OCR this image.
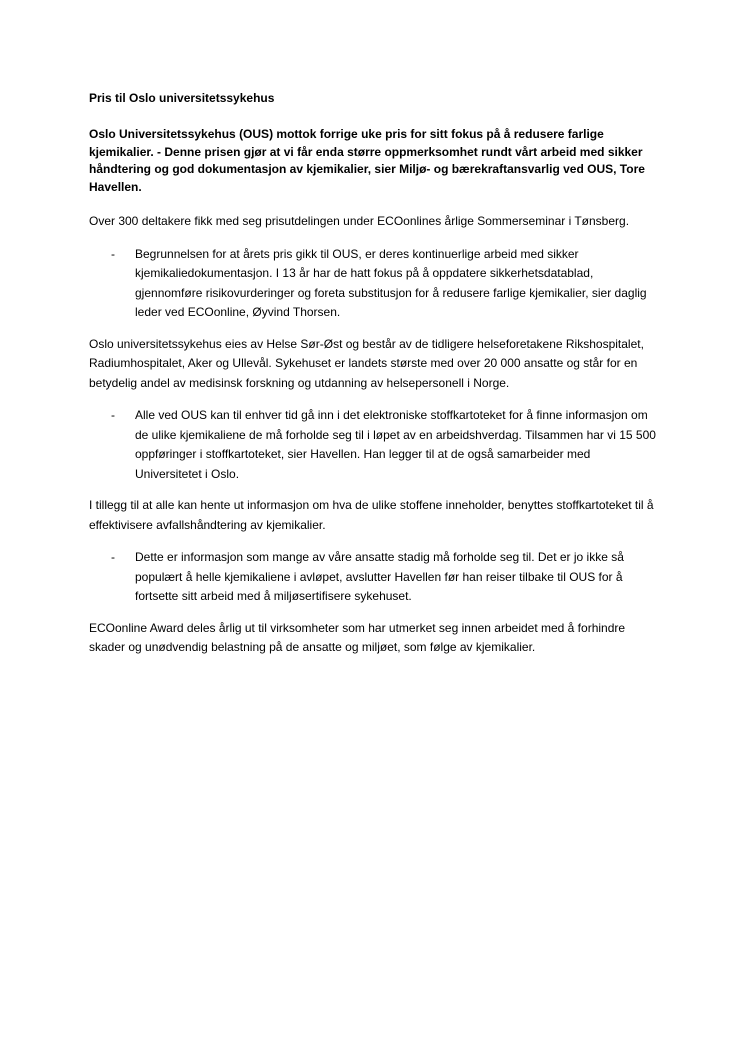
Pris til Oslo universitetssykehus
Oslo Universitetssykehus (OUS) mottok forrige uke pris for sitt fokus på å redusere farlige kjemikalier. - Denne prisen gjør at vi får enda større oppmerksomhet rundt vårt arbeid med sikker håndtering og god dokumentasjon av kjemikalier, sier Miljø- og bærekraftansvarlig ved OUS, Tore Havellen.

Over 300 deltakere fikk med seg prisutdelingen under ECOonlines årlige Sommerseminar i Tønsberg.

-	Begrunnelsen for at årets pris gikk til OUS, er deres kontinuerlige arbeid med sikker kjemikaliedokumentasjon. I 13 år har de hatt fokus på å oppdatere sikkerhetsdatablad, gjennomføre risikovurderinger og foreta substitusjon for å redusere farlige kjemikalier, sier daglig leder ved ECOonline, Øyvind Thorsen.

Oslo universitetssykehus eies av Helse Sør-Øst og består av de tidligere helseforetakene Rikshospitalet, Radiumhospitalet, Aker og Ullevål. Sykehuset er landets største med over 20 000 ansatte og står for en betydelig andel av medisinsk forskning og utdanning av helsepersonell i Norge.

-	Alle ved OUS kan til enhver tid gå inn i det elektroniske stoffkartoteket for å finne informasjon om de ulike kjemikaliene de må forholde seg til i løpet av en arbeidshverdag. Tilsammen har vi 15 500 oppføringer i stoffkartoteket, sier Havellen. Han legger til at de også samarbeider med Universitetet i Oslo.

I tillegg til at alle kan hente ut informasjon om hva de ulike stoffene inneholder, benyttes stoffkartoteket til å effektivisere avfallshåndtering av kjemikalier.

-	Dette er informasjon som mange av våre ansatte stadig må forholde seg til. Det er jo ikke så populært å helle kjemikaliene i avløpet, avslutter Havellen før han reiser tilbake til OUS for å fortsette sitt arbeid med å miljøsertifisere sykehuset.

ECOonline Award deles årlig ut til virksomheter som har utmerket seg innen arbeidet med å forhindre skader og unødvendig belastning på de ansatte og miljøet, som følge av kjemikalier.
